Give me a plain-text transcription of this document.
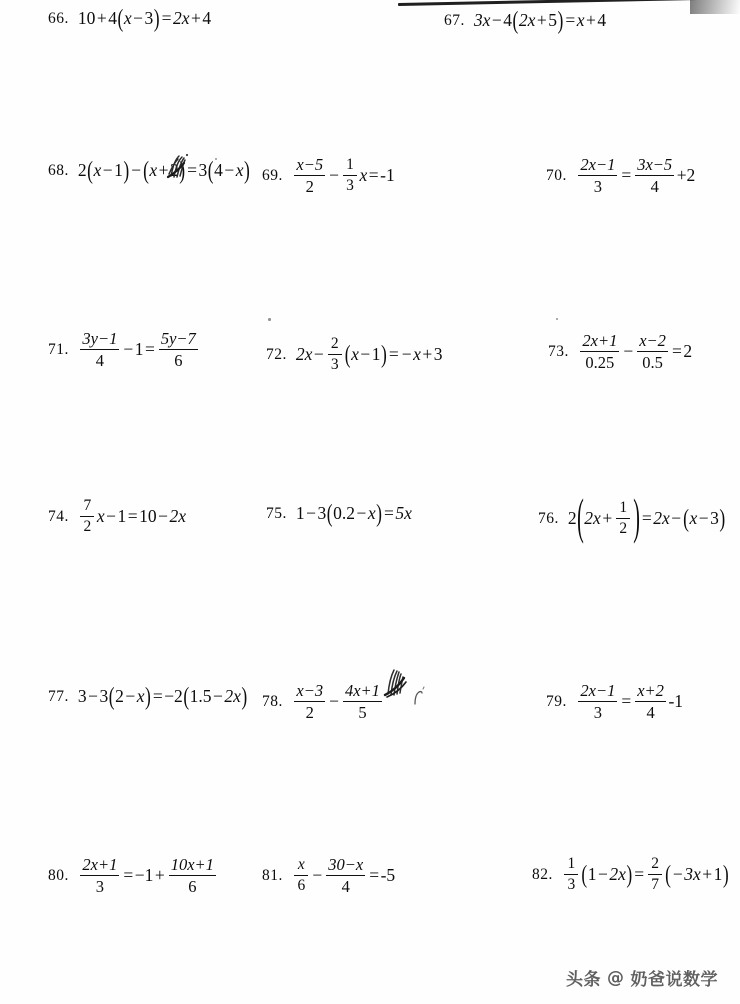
66. 10 + 4 ( x − 3 ) = 2x + 4	67. 3x − 4 ( 2x + 5 ) = x + 4
68. 2 ( x − 1 ) − ( x + 2 ) = 3 ( 4 − x ) 69. $\frac{x-5}{2} - \frac{1}{3}$ x = -1	70. $\frac{2x-1}{3} = \frac{3x-5}{4} +2$
71. $\frac{3y-1}{4} - 1 = \frac{5y-7}{6}$	72. $2x - \frac{2}{3}$ ( x − 1 ) = − x + 3	73. $\frac{2x+1}{0.25} - \frac{x-2}{0.5} = 2$
74. $\frac{7}{2}$ x − 1 = 10 − 2x	75. 1 − 3 ( 0.2 − x ) = 5x	76. 2 ( $2x + \frac{1}{2}$ ) = 2x − ( x − 3 )
77. 3 − 3 ( 2 − x ) = −2 ( 1.5 − 2x ) 78. $\frac{x-3}{2} - \frac{4x+1}{5}$	79. $\frac{2x-1}{3} = \frac{x+2}{4} -1$
80. $\frac{2x+1}{3} = -1 + \frac{10x+1}{6}$	81. $\frac{x}{6} - \frac{30-x}{4} = -5$	82. $\frac{1}{3}$ ( 1 − 2x ) = $\frac{2}{7}$ ( − 3x + 1 )
头条 @ 奶爸说数学
